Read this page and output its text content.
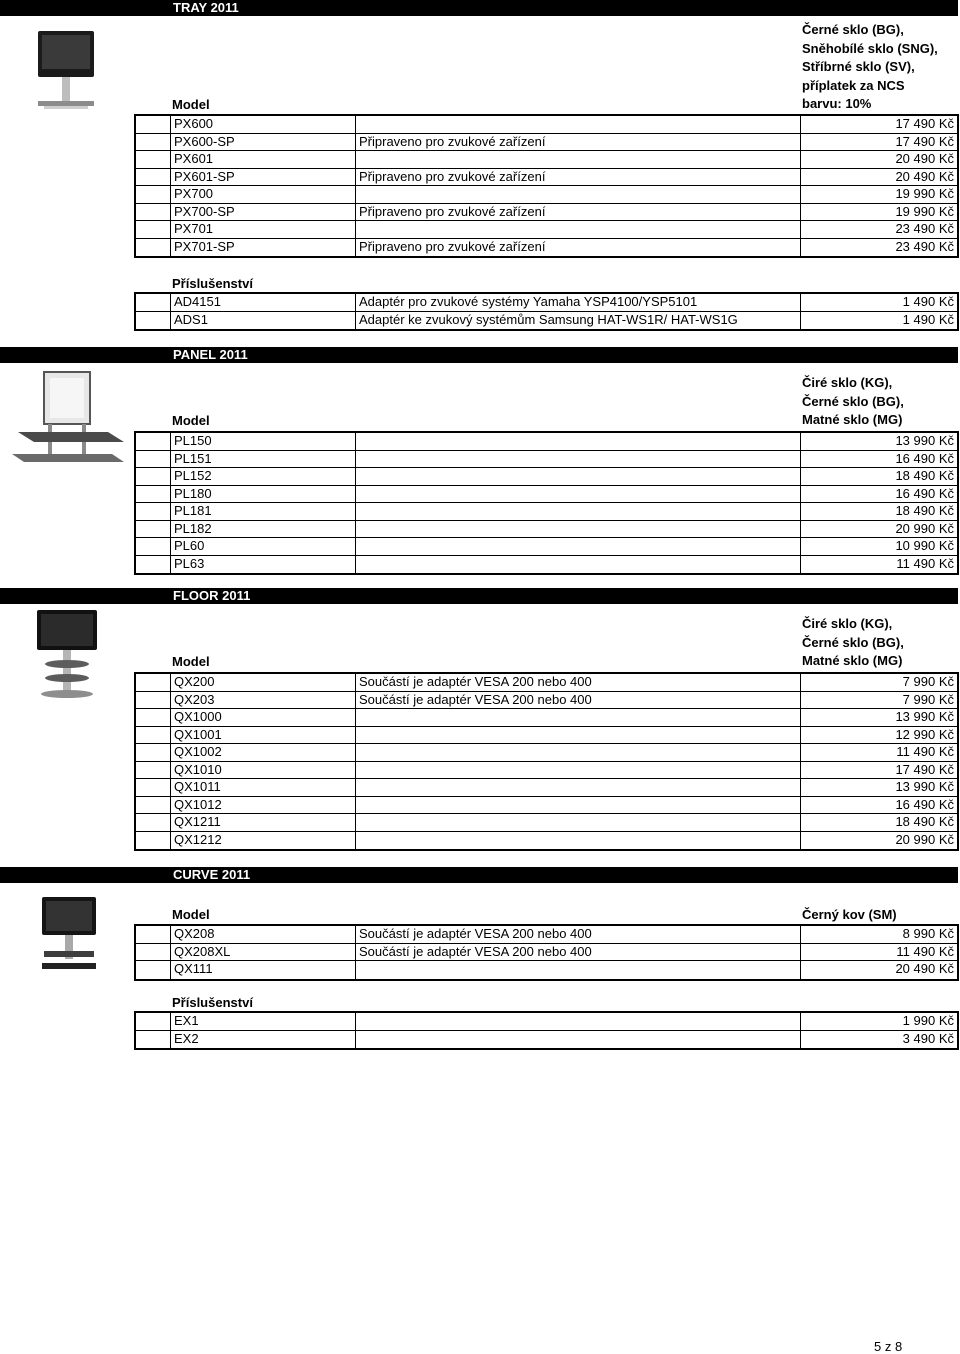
TRAY 2011
Model
Černé sklo (BG),
Sněhobílé sklo (SNG),
Stříbrné sklo (SV),
příplatek za NCS
barvu: 10%
PX600	17 490 Kč
PX600-SP	Připraveno pro zvukové zařízení	17 490 Kč
PX601	20 490 Kč
PX601-SP	Připraveno pro zvukové zařízení	20 490 Kč
PX700	19 990 Kč
PX700-SP	Připraveno pro zvukové zařízení	19 990 Kč
PX701	23 490 Kč
PX701-SP	Připraveno pro zvukové zařízení	23 490 Kč
Příslušenství
AD4151	Adaptér pro zvukové systémy Yamaha YSP4100/YSP5101	1 490 Kč
ADS1	Adaptér ke zvukový systémům Samsung HAT-WS1R/ HAT-WS1G	1 490 Kč
PANEL 2011
Model
Čiré sklo (KG),
Černé sklo (BG),
Matné sklo (MG)
PL150	13 990 Kč
PL151	16 490 Kč
PL152	18 490 Kč
PL180	16 490 Kč
PL181	18 490 Kč
PL182	20 990 Kč
PL60	10 990 Kč
PL63	11 490 Kč
FLOOR 2011
Model
Čiré sklo (KG),
Černé sklo (BG),
Matné sklo (MG)
QX200	Součástí je adaptér VESA 200 nebo 400	7 990 Kč
QX203	Součástí je adaptér VESA 200 nebo 400	7 990 Kč
QX1000	13 990 Kč
QX1001	12 990 Kč
QX1002	11 490 Kč
QX1010	17 490 Kč
QX1011	13 990 Kč
QX1012	16 490 Kč
QX1211	18 490 Kč
QX1212	20 990 Kč
CURVE 2011
Model	Černý kov (SM)
QX208	Součástí je adaptér VESA 200 nebo 400	8 990 Kč
QX208XL	Součástí je adaptér VESA 200 nebo 400	11 490 Kč
QX111	20 490 Kč
Příslušenství
EX1	1 990 Kč
EX2	3 490 Kč
5 z 8
